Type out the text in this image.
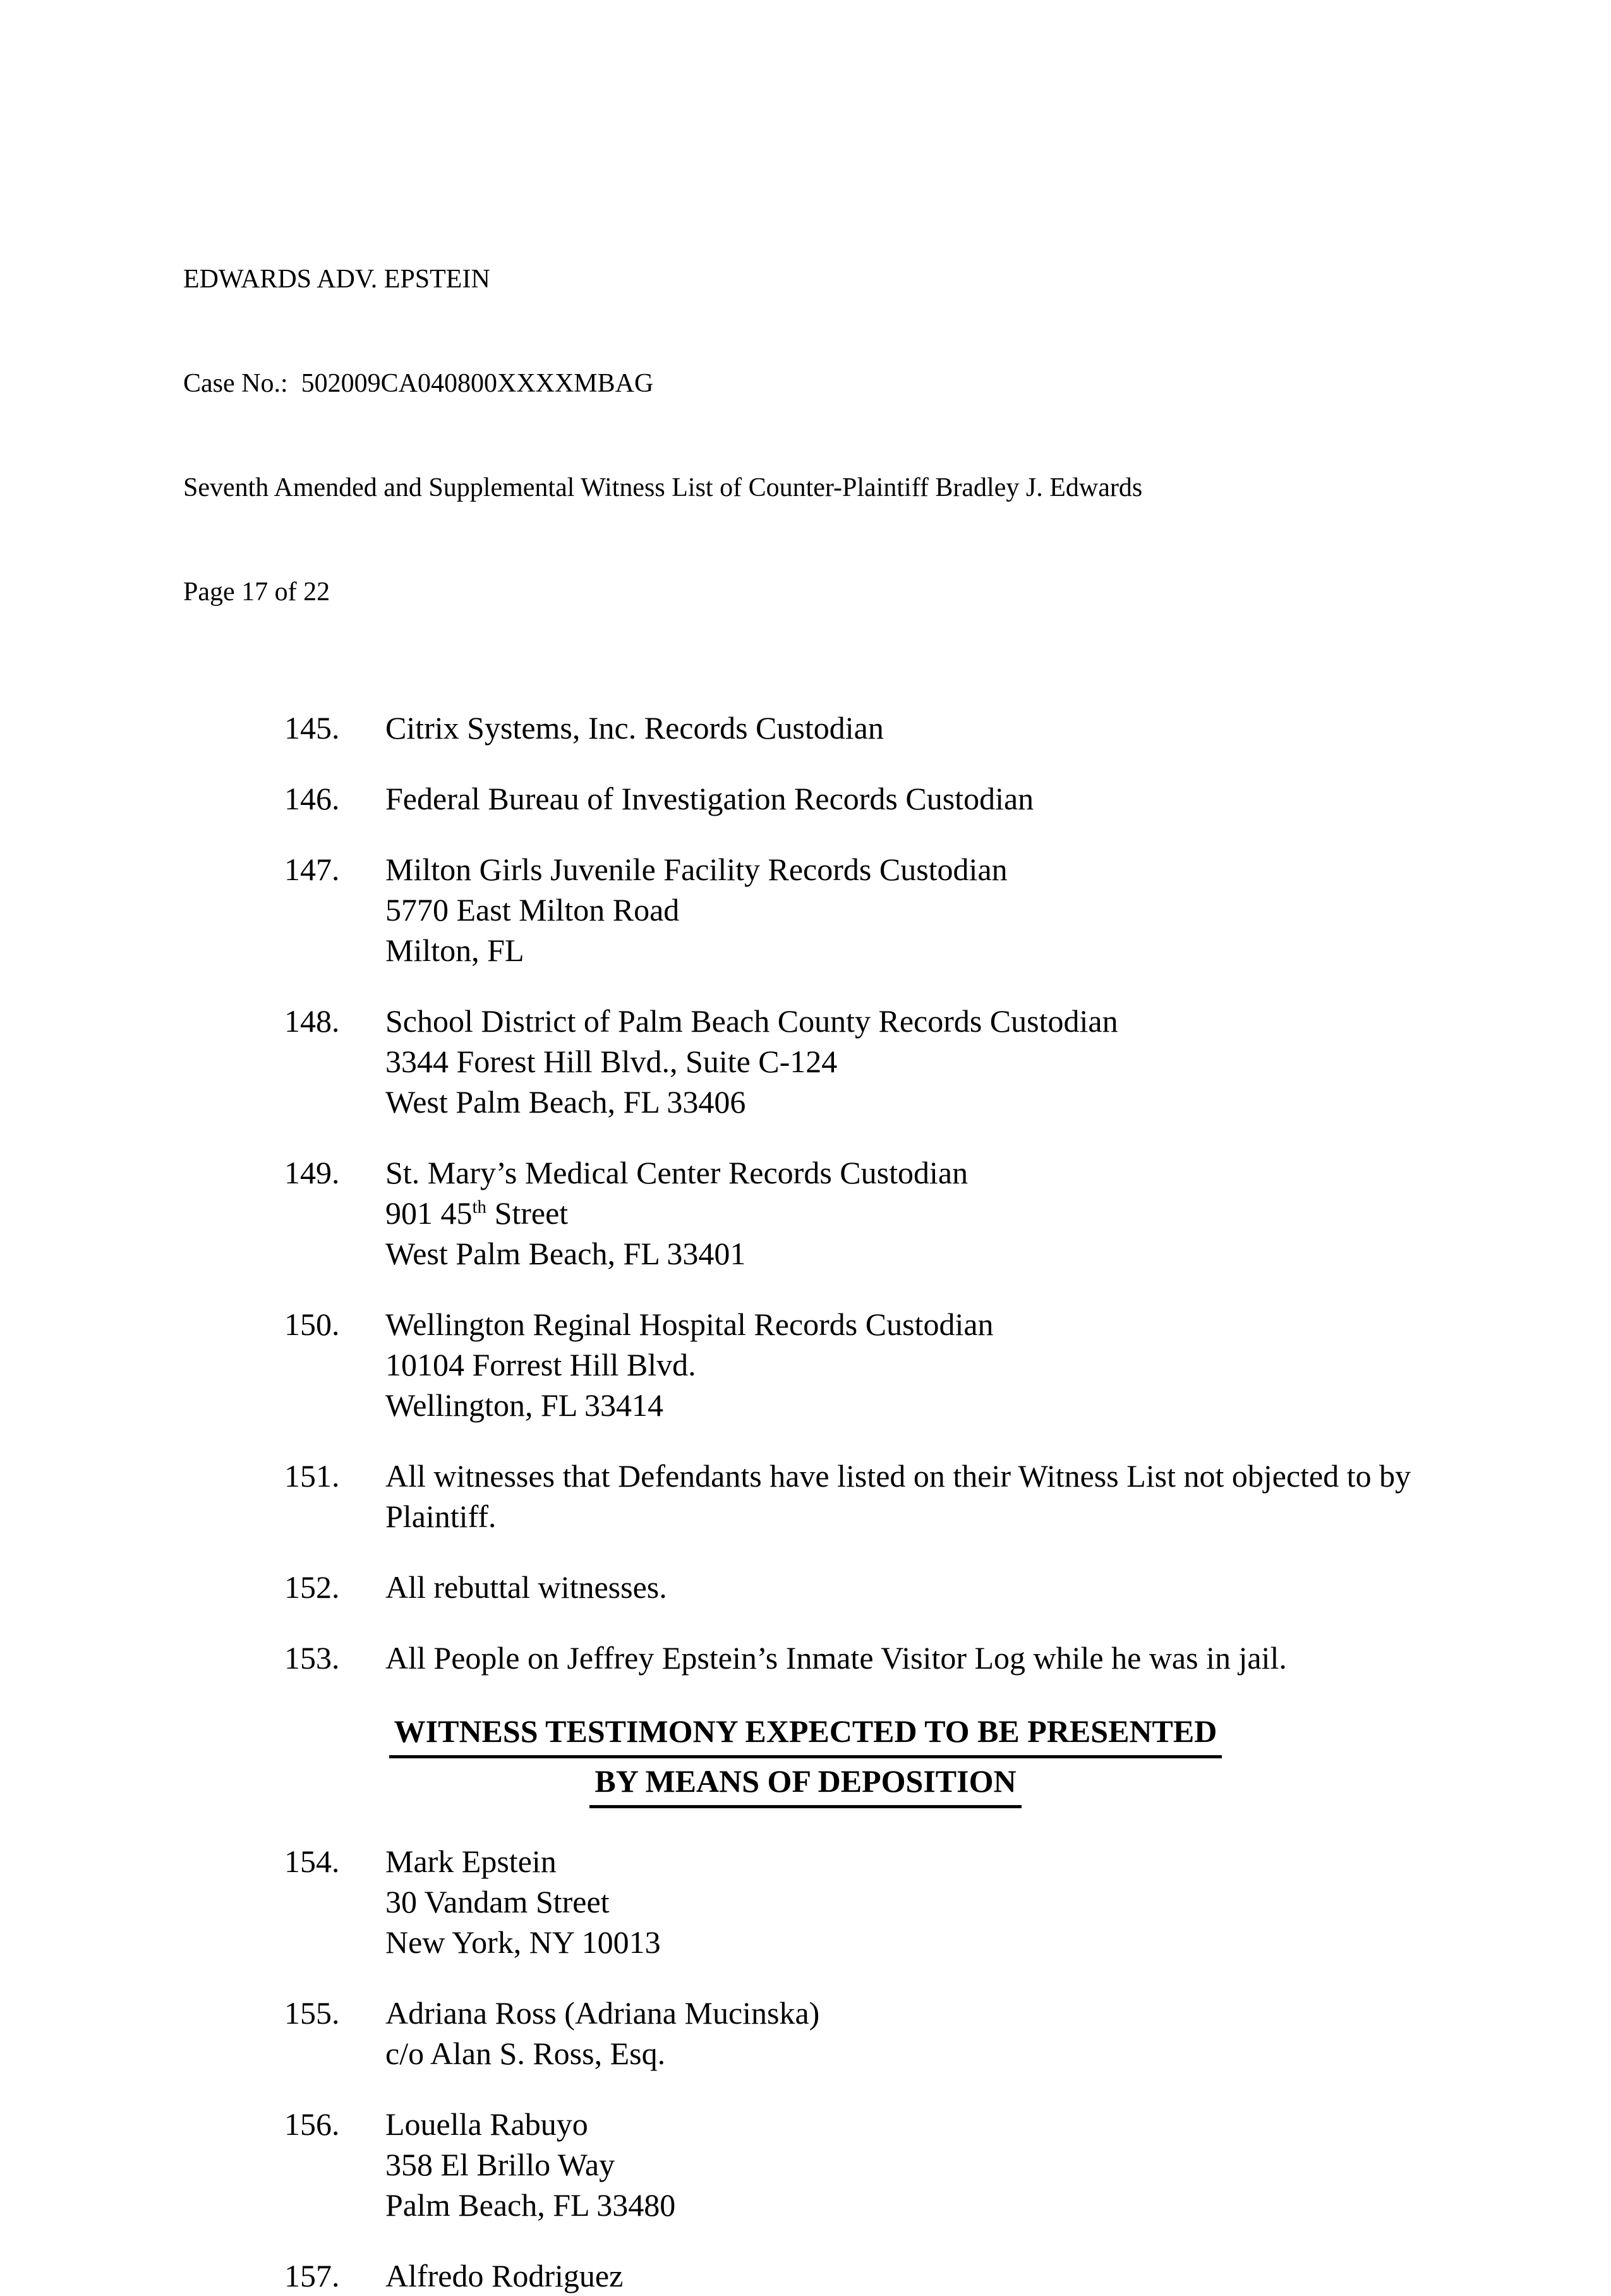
EDWARDS ADV. EPSTEIN

Case No.:  502009CA040800XXXXMBAG

Seventh Amended and Supplemental Witness List of Counter-Plaintiff Bradley J. Edwards

Page 17 of 22

145.	Citrix Systems, Inc. Records Custodian
146.	Federal Bureau of Investigation Records Custodian
147.	Milton Girls Juvenile Facility Records Custodian
5770 East Milton Road
Milton, FL
148.	School District of Palm Beach County Records Custodian
3344 Forest Hill Blvd., Suite C-124
West Palm Beach, FL 33406
149.	St. Mary’s Medical Center Records Custodian
901 45th Street
West Palm Beach, FL 33401
150.	Wellington Reginal Hospital Records Custodian
10104 Forrest Hill Blvd.
Wellington, FL 33414
151.	All witnesses that Defendants have listed on their Witness List not objected to by Plaintiff.
152.	All rebuttal witnesses.
153.	All People on Jeffrey Epstein’s Inmate Visitor Log while he was in jail.
WITNESS TESTIMONY EXPECTED TO BE PRESENTED
BY MEANS OF DEPOSITION
154.	Mark Epstein
30 Vandam Street
New York, NY 10013
155.	Adriana Ross (Adriana Mucinska)
c/o Alan S. Ross, Esq.
156.	Louella Rabuyo
358 El Brillo Way
Palm Beach, FL 33480
157.	Alfredo Rodriguez
